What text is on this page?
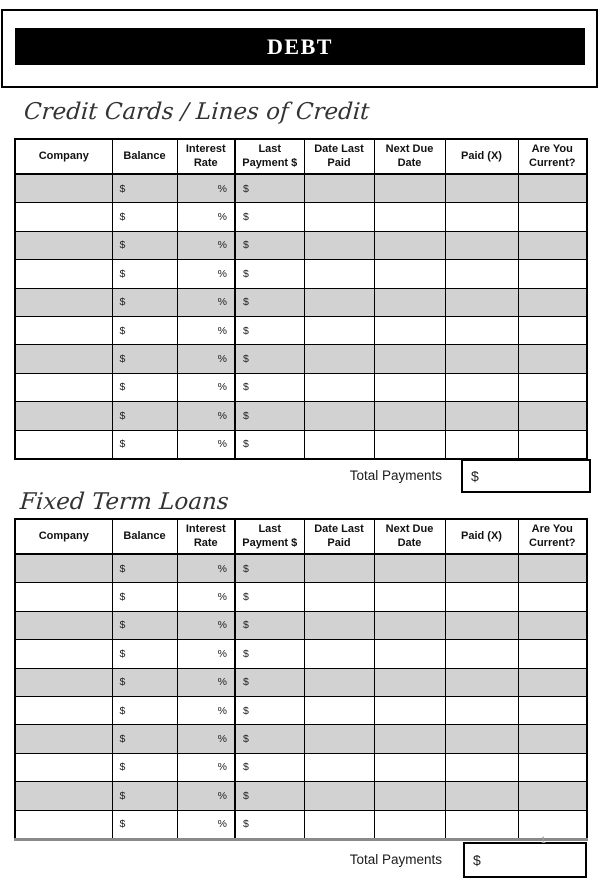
DEBT
Credit Cards / Lines of Credit
Company	Balance	Interest Rate	Last Payment $	Date Last Paid	Next Due Date	Paid (X)	Are You Current?
	$	%	$				
	$	%	$				
	$	%	$				
	$	%	$				
	$	%	$				
	$	%	$				
	$	%	$				
	$	%	$				
	$	%	$				
	$	%	$				
Total Payments $
Fixed Term Loans
Company	Balance	Interest Rate	Last Payment $	Date Last Paid	Next Due Date	Paid (X)	Are You Current?
	$	%	$				
	$	%	$				
	$	%	$				
	$	%	$				
	$	%	$				
	$	%	$				
	$	%	$				
	$	%	$				
	$	%	$				
	$	%	$				
Total Payments $
1
